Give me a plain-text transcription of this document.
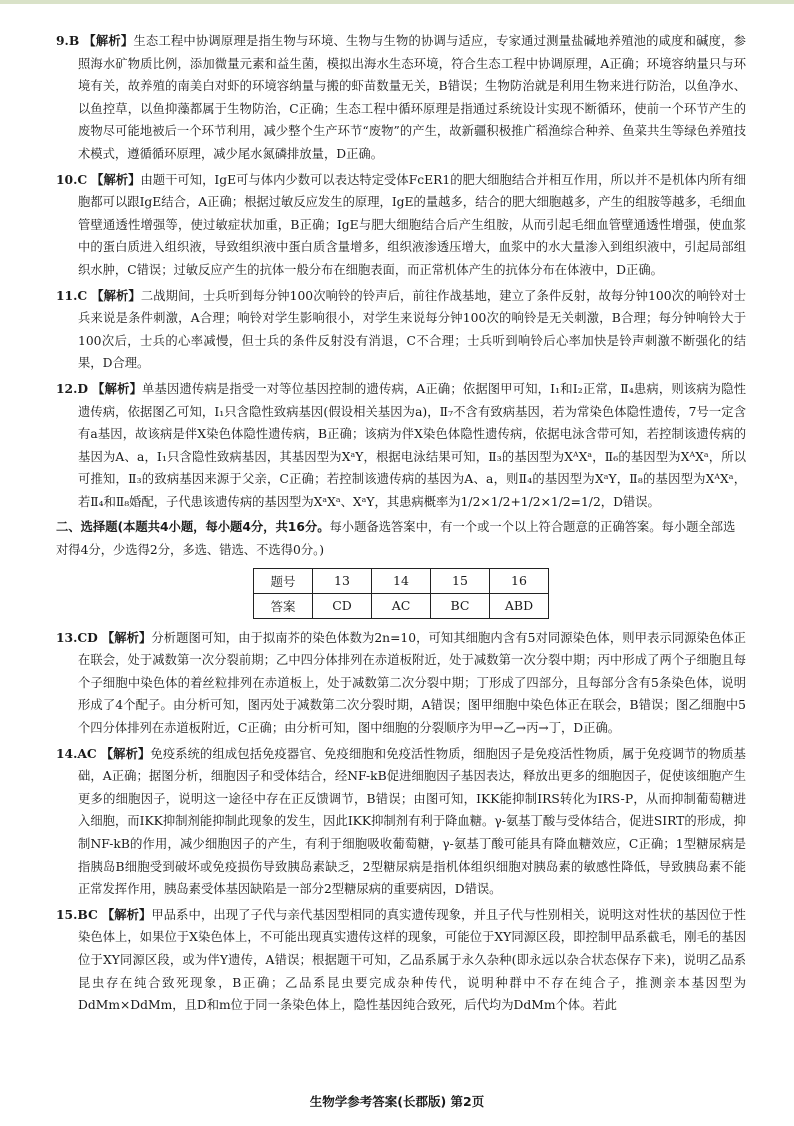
9.B 【解析】生态工程中协调原理是指生物与环境、生物与生物的协调与适应，专家通过测量盐碱地养殖池的咸度和碱度，参照海水矿物质比例，添加微量元素和益生菌，模拟出海水生态环境，符合生态工程中协调原理，A正确；环境容纳量只与环境有关，故养殖的南美白对虾的环境容纳量与搬的虾苗数量无关，B错误；生物防治就是利用生物来进行防治，以鱼净水、以鱼控草，以鱼抑藻都属于生物防治，C正确；生态工程中循环原理是指通过系统设计实现不断循环，使前一个环节产生的废物尽可能地被后一个环节利用，减少整个生产环节“废物”的产生，故新疆积极推广稻渔综合种养、鱼菜共生等绿色养殖技术模式，遵循循环原理，减少尾水氮磷排放量，D正确。

10.C 【解析】由题干可知，IgE可与体内少数可以表达特定受体FcER1的肥大细胞结合并相互作用，所以并不是机体内所有细胞都可以跟IgE结合，A正确；根据过敏反应发生的原理，IgE的量越多，结合的肥大细胞越多，产生的组胺等越多，毛细血管壁通透性增强等，使过敏症状加重，B正确；IgE与肥大细胞结合后产生组胺，从而引起毛细血管壁通透性增强，使血浆中的蛋白质进入组织液，导致组织液中蛋白质含量增多，组织液渗透压增大，血浆中的水大量渗入到组织液中，引起局部组织水肿，C错误；过敏反应产生的抗体一般分布在细胞表面，而正常机体产生的抗体分布在体液中，D正确。

11.C 【解析】二战期间，士兵听到每分钟100次响铃的铃声后，前往作战基地，建立了条件反射，故每分钟100次的响铃对士兵来说是条件刺激，A合理；响铃对学生影响很小，对学生来说每分钟100次的响铃是无关刺激，B合理；每分钟响铃大于100次后，士兵的心率减慢，但士兵的条件反射没有消退，C不合理；士兵听到响铃后心率加快是铃声刺激不断强化的结果，D合理。

12.D 【解析】单基因遗传病是指受一对等位基因控制的遗传病，A正确；依据图甲可知，Ⅰ₁和Ⅰ₂正常，Ⅱ₄患病，则该病为隐性遗传病，依据图乙可知，Ⅰ₁只含隐性致病基因(假设相关基因为a)，Ⅱ₇不含有致病基因，若为常染色体隐性遗传，7号一定含有a基因，故该病是伴X染色体隐性遗传病，B正确；该病为伴X染色体隐性遗传病，依据电泳含带可知，若控制该遗传病的基因为A、a，Ⅰ₁只含隐性致病基因，其基因型为XᵃY，根据电泳结果可知，Ⅱ₃的基因型为XᴬXᵃ，Ⅱ₆的基因型为XᴬXᵃ，所以可推知，Ⅱ₃的致病基因来源于父亲，C正确；若控制该遗传病的基因为A、a，则Ⅱ₄的基因型为XᵃY，Ⅱ₈的基因型为XᴬXᵃ，若Ⅱ₄和Ⅱ₈婚配，子代患该遗传病的基因型为XᵃXᵃ、XᵃY，其患病概率为1/2×1/2+1/2×1/2=1/2，D错误。

二、选择题(本题共4小题，每小题4分，共16分。每小题备选答案中，有一个或一个以上符合题意的正确答案。每小题全部选对得4分，少选得2分，多选、错选、不选得0分。)

题号	13	14	15	16
答案	CD	AC	BC	ABD

13.CD 【解析】分析题图可知，由于拟南芥的染色体数为2n=10，可知其细胞内含有5对同源染色体，则甲表示同源染色体正在联会，处于减数第一次分裂前期；乙中四分体排列在赤道板附近，处于减数第一次分裂中期；丙中形成了两个子细胞且每个子细胞中染色体的着丝粒排列在赤道板上，处于减数第二次分裂中期；丁形成了四部分，且每部分含有5条染色体，说明形成了4个配子。由分析可知，图丙处于减数第二次分裂时期，A错误；图甲细胞中染色体正在联会，B错误；图乙细胞中5个四分体排列在赤道板附近，C正确；由分析可知，图中细胞的分裂顺序为甲→乙→丙→丁，D正确。

14.AC 【解析】免疫系统的组成包括免疫器官、免疫细胞和免疫活性物质，细胞因子是免疫活性物质，属于免疫调节的物质基础，A正确；据图分析，细胞因子和受体结合，经NF-kB促进细胞因子基因表达，释放出更多的细胞因子，促使该细胞产生更多的细胞因子，说明这一途径中存在正反馈调节，B错误；由图可知，IKK能抑制IRS转化为IRS-P，从而抑制葡萄糖进入细胞，而IKK抑制剂能抑制此现象的发生，因此IKK抑制剂有利于降血糖。γ-氨基丁酸与受体结合，促进SIRT的形成，抑制NF-kB的作用，减少细胞因子的产生，有利于细胞吸收葡萄糖，γ-氨基丁酸可能具有降血糖效应，C正确；1型糖尿病是指胰岛B细胞受到破坏或免疫损伤导致胰岛素缺乏，2型糖尿病是指机体组织细胞对胰岛素的敏感性降低，导致胰岛素不能正常发挥作用，胰岛素受体基因缺陷是一部分2型糖尿病的重要病因，D错误。

15.BC 【解析】甲品系中，出现了子代与亲代基因型相同的真实遗传现象，并且子代与性别相关，说明这对性状的基因位于性染色体上，如果位于X染色体上，不可能出现真实遗传这样的现象，可能位于XY同源区段，即控制甲品系截毛，刚毛的基因位于XY同源区段，或为伴Y遗传，A错误；根据题干可知，乙品系属于永久杂种(即永远以杂合状态保存下来)，说明乙品系昆虫存在纯合致死现象，B正确；乙品系昆虫要完成杂种传代，说明种群中不存在纯合子，推测亲本基因型为DdMm×DdMm，且D和m位于同一条染色体上，隐性基因纯合致死，后代均为DdMm个体。若此

生物学参考答案(长郡版) 第2页
